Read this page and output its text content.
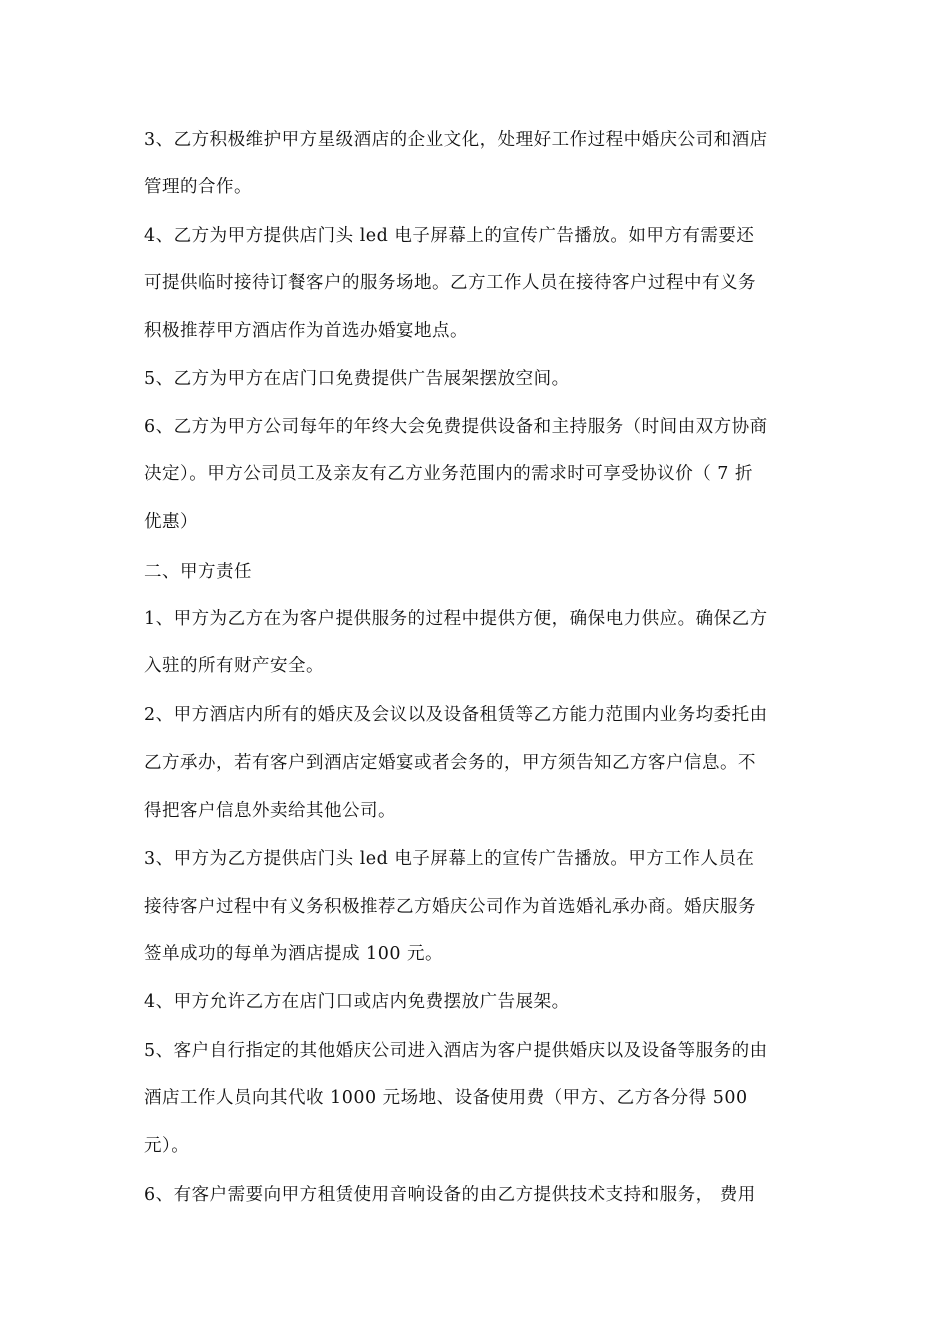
3、乙方积极维护甲方星级酒店的企业文化，处理好工作过程中婚庆公司和酒店
管理的合作。
4、乙方为甲方提供店门头 led 电子屏幕上的宣传广告播放。如甲方有需要还
可提供临时接待订餐客户的服务场地。乙方工作人员在接待客户过程中有义务
积极推荐甲方酒店作为首选办婚宴地点。
5、乙方为甲方在店门口免费提供广告展架摆放空间。
6、乙方为甲方公司每年的年终大会免费提供设备和主持服务（时间由双方协商
决定）。甲方公司员工及亲友有乙方业务范围内的需求时可享受协议价（ 7 折
优惠）
二、甲方责任
1、甲方为乙方在为客户提供服务的过程中提供方便，确保电力供应。确保乙方
入驻的所有财产安全。
2、甲方酒店内所有的婚庆及会议以及设备租赁等乙方能力范围内业务均委托由
乙方承办，若有客户到酒店定婚宴或者会务的，甲方须告知乙方客户信息。不
得把客户信息外卖给其他公司。
3、甲方为乙方提供店门头 led 电子屏幕上的宣传广告播放。甲方工作人员在
接待客户过程中有义务积极推荐乙方婚庆公司作为首选婚礼承办商。婚庆服务
签单成功的每单为酒店提成 100 元。
4、甲方允许乙方在店门口或店内免费摆放广告展架。
5、客户自行指定的其他婚庆公司进入酒店为客户提供婚庆以及设备等服务的由
酒店工作人员向其代收 1000 元场地、设备使用费（甲方、乙方各分得 500
元）。
6、有客户需要向甲方租赁使用音响设备的由乙方提供技术支持和服务， 费用
